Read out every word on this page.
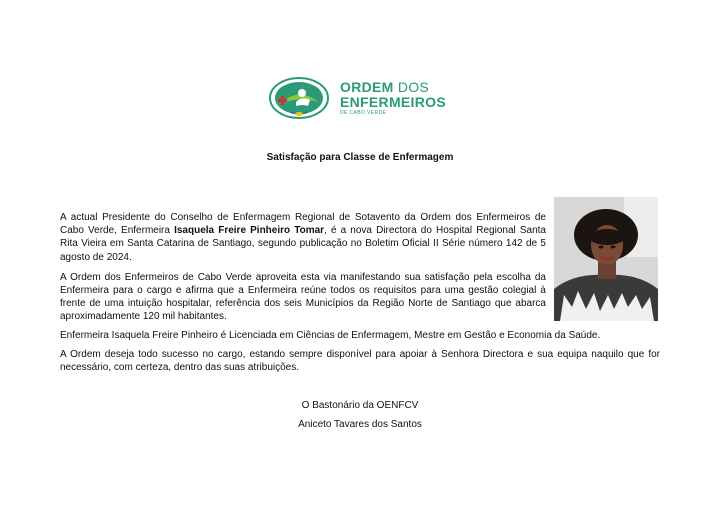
ORDEM DOS
ENFERMEIROS
DE CABO VERDE
Satisfação para Classe de Enfermagem

A actual Presidente do Conselho de Enfermagem Regional de Sotavento da Ordem dos Enfermeiros de Cabo Verde, Enfermeira Isaquela Freire Pinheiro Tomar, é a nova Directora do Hospital Regional Santa Rita Vieira em Santa Catarina de Santiago, segundo publicação no Boletim Oficial II Série número 142 de 5 agosto de 2024.

A Ordem dos Enfermeiros de Cabo Verde aproveita esta via manifestando sua satisfação pela escolha da Enfermeira para o cargo e afirma que a Enfermeira reúne todos os requisitos para uma gestão colegial à frente de uma intuição hospitalar, referência dos seis Municípios da Região Norte de Santiago que abarca aproximadamente 120 mil habitantes.

Enfermeira Isaquela Freire Pinheiro é Licenciada em Ciências de Enfermagem, Mestre em Gestão e Economia da Saúde.

A Ordem deseja todo sucesso no cargo, estando sempre disponível para apoiar à Senhora Directora e sua equipa naquilo que for necessário, com certeza, dentro das suas atribuições.

O Bastonário da OENFCV
Aniceto Tavares dos Santos
